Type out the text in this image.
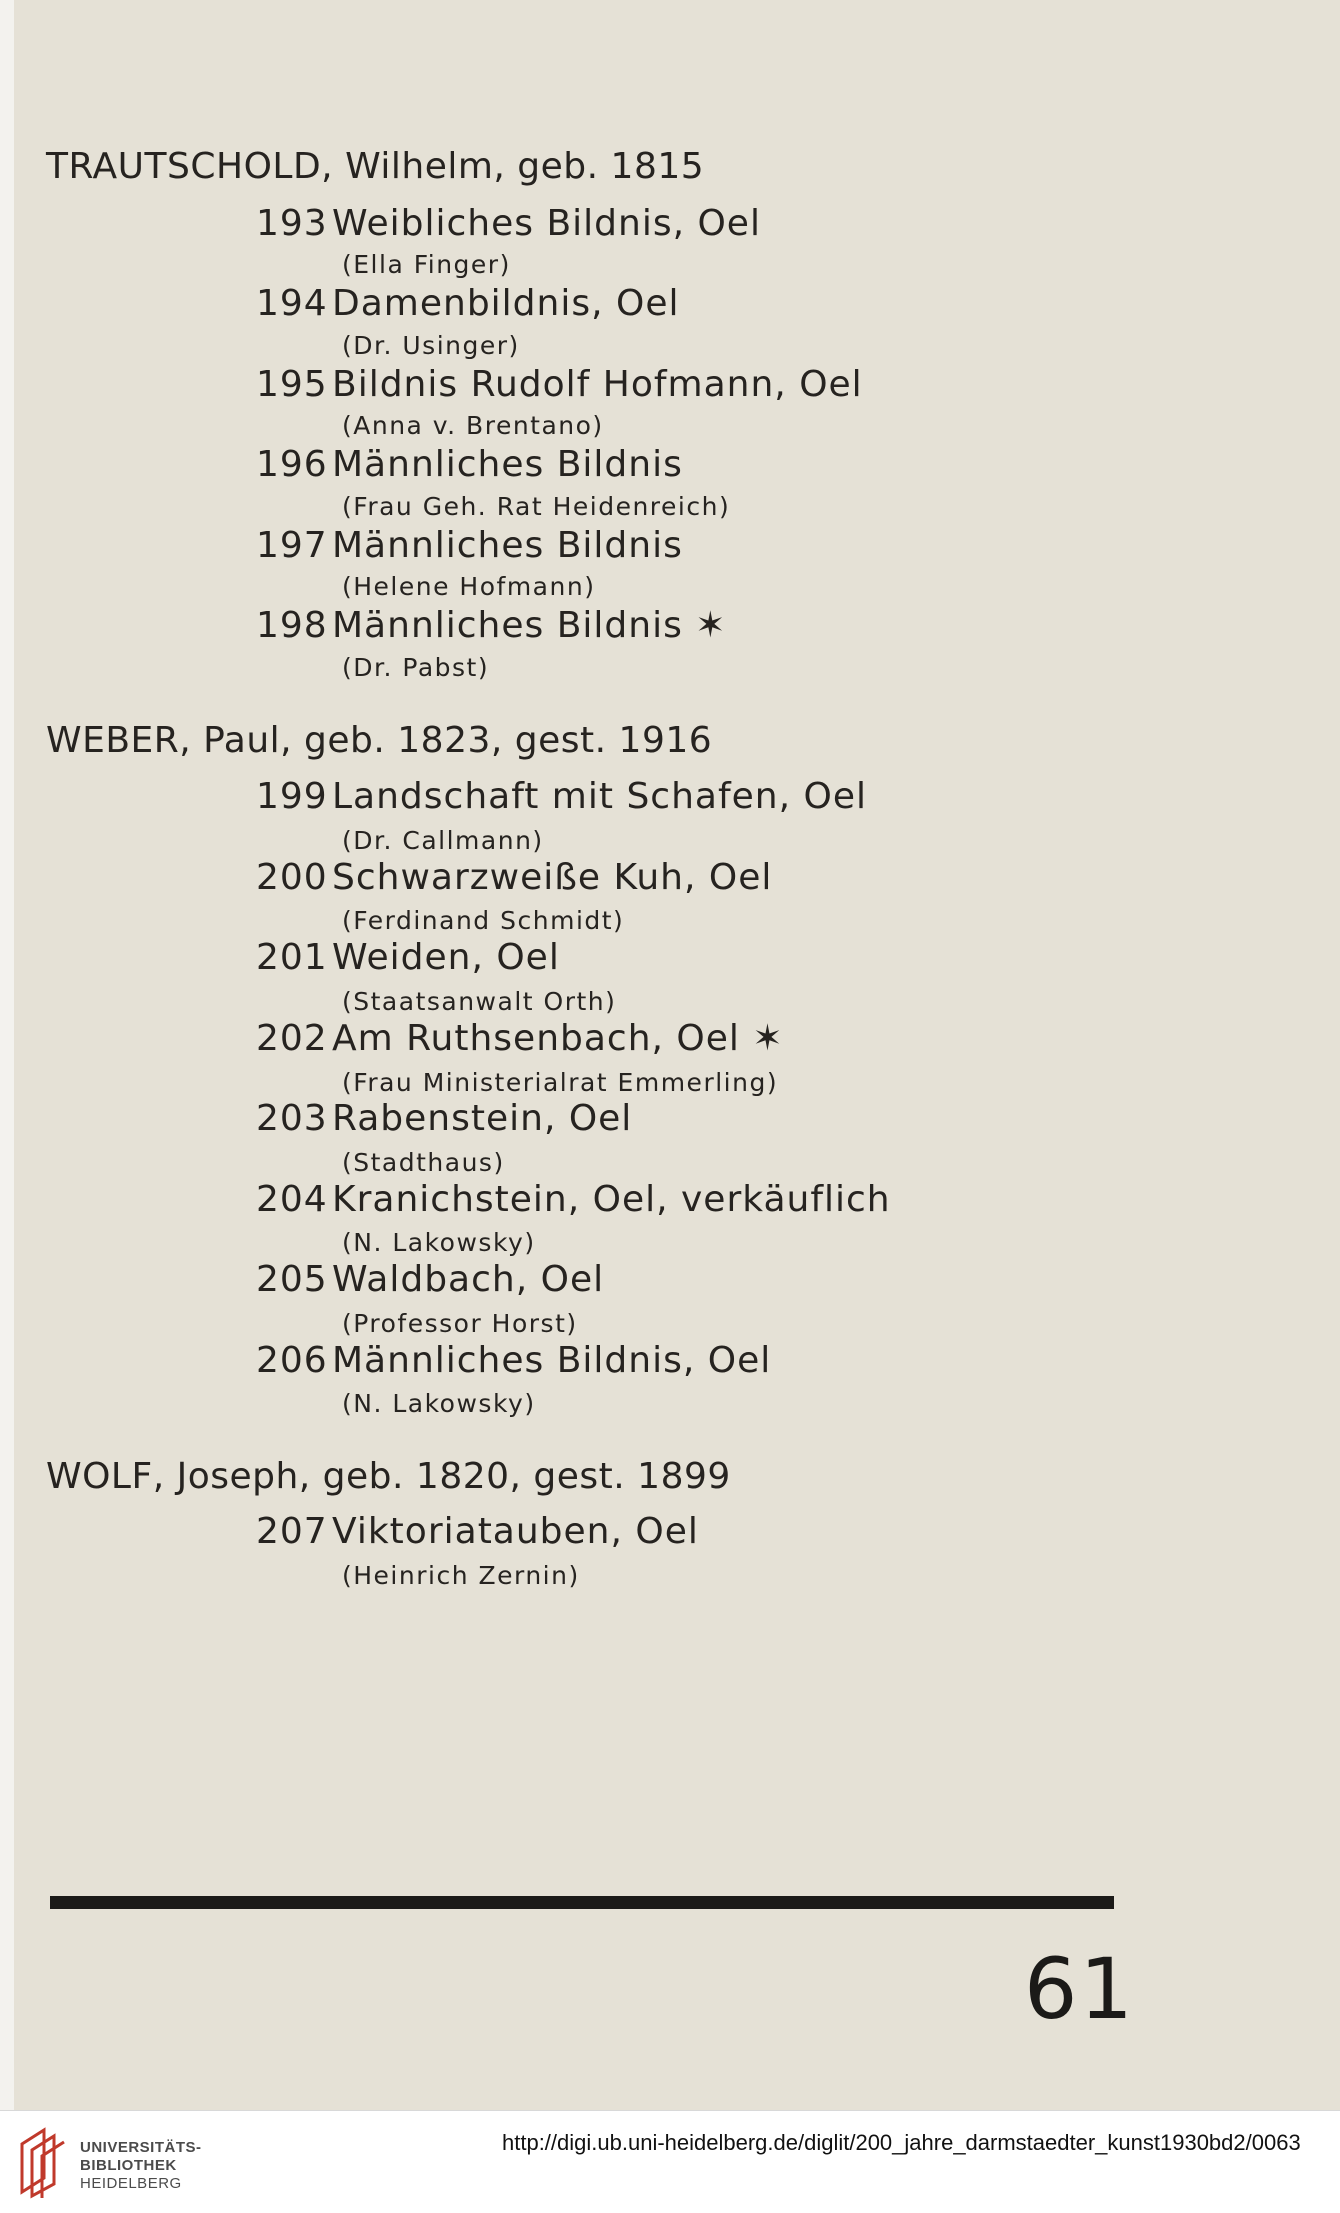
TRAUTSCHOLD, Wilhelm, geb. 1815
193 Weibliches Bildnis, Oel
(Ella Finger)
194 Damenbildnis, Oel
(Dr. Usinger)
195 Bildnis Rudolf Hofmann, Oel
(Anna v. Brentano)
196 Männliches Bildnis
(Frau Geh. Rat Heidenreich)
197 Männliches Bildnis
(Helene Hofmann)
198 Männliches Bildnis ✶
(Dr. Pabst)
WEBER, Paul, geb. 1823, gest. 1916
199 Landschaft mit Schafen, Oel
(Dr. Callmann)
200 Schwarzweiße Kuh, Oel
(Ferdinand Schmidt)
201 Weiden, Oel
(Staatsanwalt Orth)
202 Am Ruthsenbach, Oel ✶
(Frau Ministerialrat Emmerling)
203 Rabenstein, Oel
(Stadthaus)
204 Kranichstein, Oel, verkäuflich
(N. Lakowsky)
205 Waldbach, Oel
(Professor Horst)
206 Männliches Bildnis, Oel
(N. Lakowsky)
WOLF, Joseph, geb. 1820, gest. 1899
207 Viktoriatauben, Oel
(Heinrich Zernin)
61
UNIVERSITÄTS-
BIBLIOTHEK
HEIDELBERG
http://digi.ub.uni-heidelberg.de/diglit/200_jahre_darmstaedter_kunst1930bd2/0063
